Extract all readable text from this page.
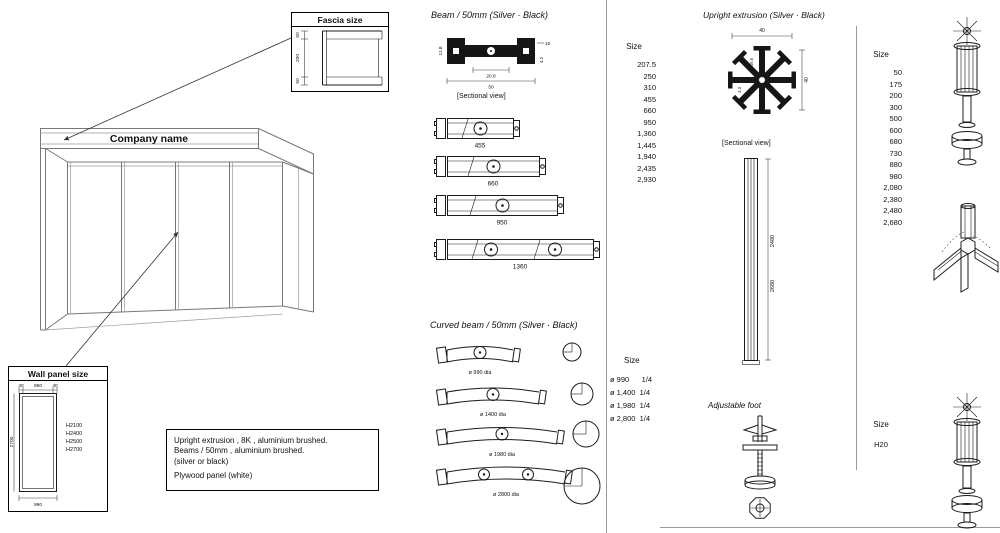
Company name
Fascia size
50
200
50
Wall panel size
40 950 40
2700
990
H2100
H2400
H2500
H2700
Upright extrusion , 8K , aluminium brushed.
Beams / 50mm , aluminium brushed.
(silver or black)
Plywood panel (white)
Beam / 50mm (Silver · Black)
11.8
10
4.2
20.8
50
[Sectional view]
455
660
950
1360
Size
207.5
250
310
455
660
950
1,360
1,445
1,940
2,435
2,930
Curved beam / 50mm (Silver · Black)
ø 990 dia
ø 1400 dia
ø 1980 dia
ø 2800 dia
Size
ø 990      1/4
ø 1,400  1/4
ø 1,980  1/4
ø 2,800  1/4
Upright extrusion (Silver · Black)
40
40
16.5
4.3
[Sectional view]
2480
2680
Adjustable foot
Size
50
175
200
300
500
600
680
730
880
980
2,080
2,380
2,480
2,680
Size
H20
